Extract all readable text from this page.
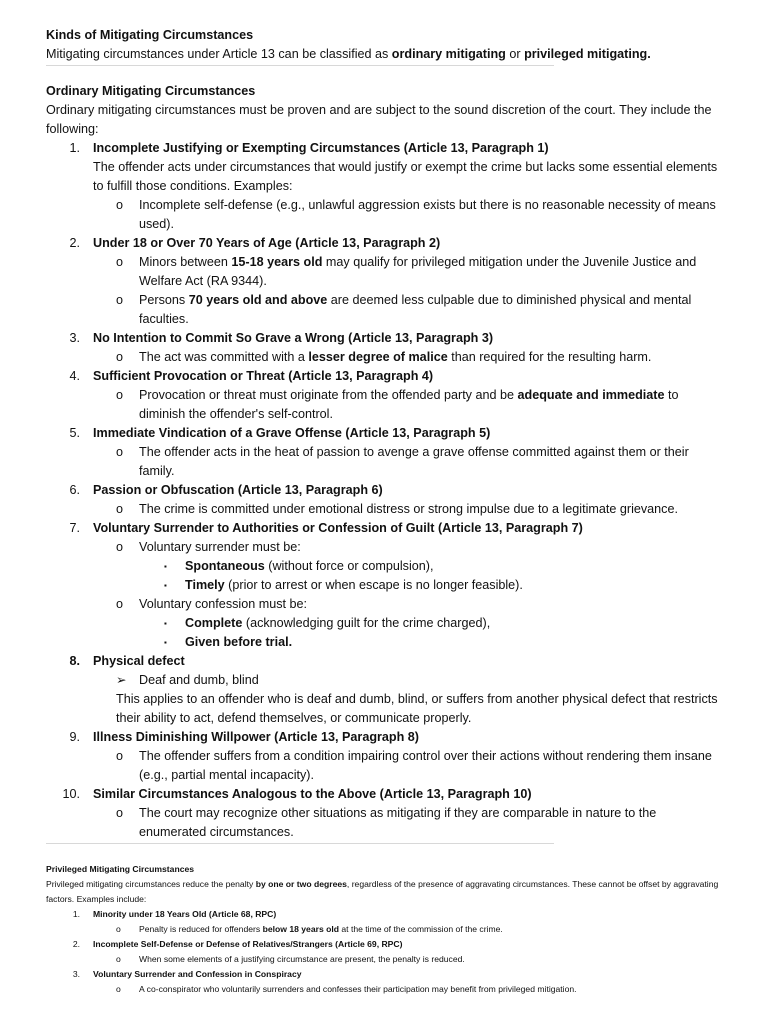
Kinds of Mitigating Circumstances

Mitigating circumstances under Article 13 can be classified as ordinary mitigating or privileged mitigating.

Ordinary Mitigating Circumstances

Ordinary mitigating circumstances must be proven and are subject to the sound discretion of the court. They include the following:

1. Incomplete Justifying or Exempting Circumstances (Article 13, Paragraph 1)
The offender acts under circumstances that would justify or exempt the crime but lacks some essential elements to fulfill those conditions. Examples:
o Incomplete self-defense (e.g., unlawful aggression exists but there is no reasonable necessity of means used).
2. Under 18 or Over 70 Years of Age (Article 13, Paragraph 2)
o Minors between 15-18 years old may qualify for privileged mitigation under the Juvenile Justice and Welfare Act (RA 9344).
o Persons 70 years old and above are deemed less culpable due to diminished physical and mental faculties.
3. No Intention to Commit So Grave a Wrong (Article 13, Paragraph 3)
o The act was committed with a lesser degree of malice than required for the resulting harm.
4. Sufficient Provocation or Threat (Article 13, Paragraph 4)
o Provocation or threat must originate from the offended party and be adequate and immediate to diminish the offender's self-control.
5. Immediate Vindication of a Grave Offense (Article 13, Paragraph 5)
o The offender acts in the heat of passion to avenge a grave offense committed against them or their family.
6. Passion or Obfuscation (Article 13, Paragraph 6)
o The crime is committed under emotional distress or strong impulse due to a legitimate grievance.
7. Voluntary Surrender to Authorities or Confession of Guilt (Article 13, Paragraph 7)
o Voluntary surrender must be:
▪ Spontaneous (without force or compulsion),
▪ Timely (prior to arrest or when escape is no longer feasible).
o Voluntary confession must be:
▪ Complete (acknowledging guilt for the crime charged),
▪ Given before trial.
8. Physical defect
➢ Deaf and dumb, blind
This applies to an offender who is deaf and dumb, blind, or suffers from another physical defect that restricts their ability to act, defend themselves, or communicate properly.
9. Illness Diminishing Willpower (Article 13, Paragraph 8)
o The offender suffers from a condition impairing control over their actions without rendering them insane (e.g., partial mental incapacity).
10. Similar Circumstances Analogous to the Above (Article 13, Paragraph 10)
o The court may recognize other situations as mitigating if they are comparable in nature to the enumerated circumstances.
Privileged Mitigating Circumstances

Privileged mitigating circumstances reduce the penalty by one or two degrees, regardless of the presence of aggravating circumstances. These cannot be offset by aggravating factors. Examples include:

1. Minority under 18 Years Old (Article 68, RPC)
o Penalty is reduced for offenders below 18 years old at the time of the commission of the crime.
2. Incomplete Self-Defense or Defense of Relatives/Strangers (Article 69, RPC)
o When some elements of a justifying circumstance are present, the penalty is reduced.
3. Voluntary Surrender and Confession in Conspiracy
o A co-conspirator who voluntarily surrenders and confesses their participation may benefit from privileged mitigation.
